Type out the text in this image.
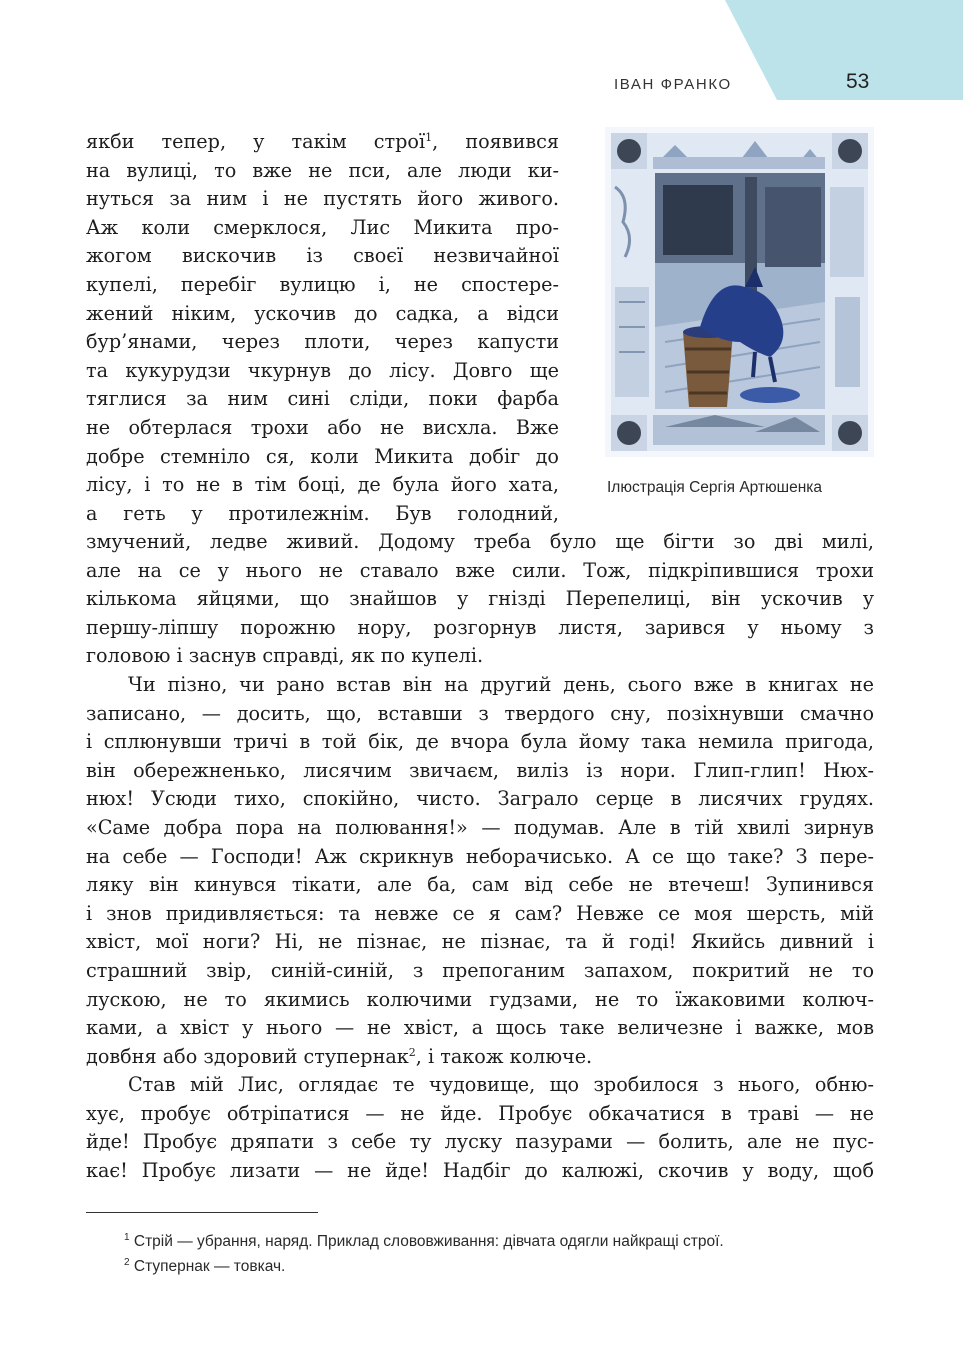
ІВАН ФРАНКО	53
Ілюстрація Сергія Артюшенка
якби тепер, у такім строї$^1$, появився
на вулиці, то вже не пси, але люди ки-
нуться за ним і не пустять його живого.
Аж коли смерклося, Лис Микита про-
жогом вискочив із своєї незвичайної
купелі, перебіг вулицю і, не спостере-
жений ніким, ускочив до садка, а відси
бур’янами, через плоти, через капусти
та кукурудзи чкурнув до лісу. Довго ще
тяглися за ним сині сліди, поки фарба
не обтерлася трохи або не висхла. Вже
добре стемніло ся, коли Микита добіг до
лісу, і то не в тім боці, де була його хата,
а геть у протилежнім. Був голодний,
змучений, ледве живий. Додому треба було ще бігти зо дві милі,
але на се у нього не ставало вже сили. Тож, підкріпившися трохи
кількома яйцями, що знайшов у гнізді Перепелиці, він ускочив у
першу-ліпшу порожню нору, розгорнув листя, зарився у ньому з
головою і заснув справді, як по купелі.
Чи пізно, чи рано встав він на другий день, сього вже в книгах не
записано, — досить, що, вставши з твердого сну, позіхнувши смачно
і сплюнувши тричі в той бік, де вчора була йому така немила пригода,
він обережненько, лисячим звичаєм, виліз із нори. Глип-глип! Нюх-
нюх! Усюди тихо, спокійно, чисто. Заграло серце в лисячих грудях.
«Саме добра пора на полювання!» — подумав. Але в тій хвилі зирнув
на себе — Господи! Аж скрикнув неборачисько. А се що таке? З пере-
ляку він кинувся тікати, але ба, сам від себе не втечеш! Зупинився
і знов придивляється: та невже се я сам? Невже се моя шерсть, мій
хвіст, мої ноги? Ні, не пізнає, не пізнає, та й годі! Якийсь дивний і
страшний звір, синій-синій, з препоганим запахом, покритий не то
лускою, не то якимись колючими гудзами, не то їжаковими колюч-
ками, а хвіст у нього — не хвіст, а щось таке величезне і важке, мов
довбня або здоровий ступернак$^2$, і також колюче.
Став мій Лис, оглядає те чудовище, що зробилося з нього, обню-
хує, пробує обтріпатися — не йде. Пробує обкачатися в траві — не
йде! Пробує дряпати з себе ту луску пазурами — болить, але не пус-
кає! Пробує лизати — не йде! Надбіг до калюжі, скочив у воду, щоб
$^1$ Стрій — убрання, наряд. Приклад слововживання: дівчата одягли найкращі строї.
$^2$ Ступернак — товкач.
